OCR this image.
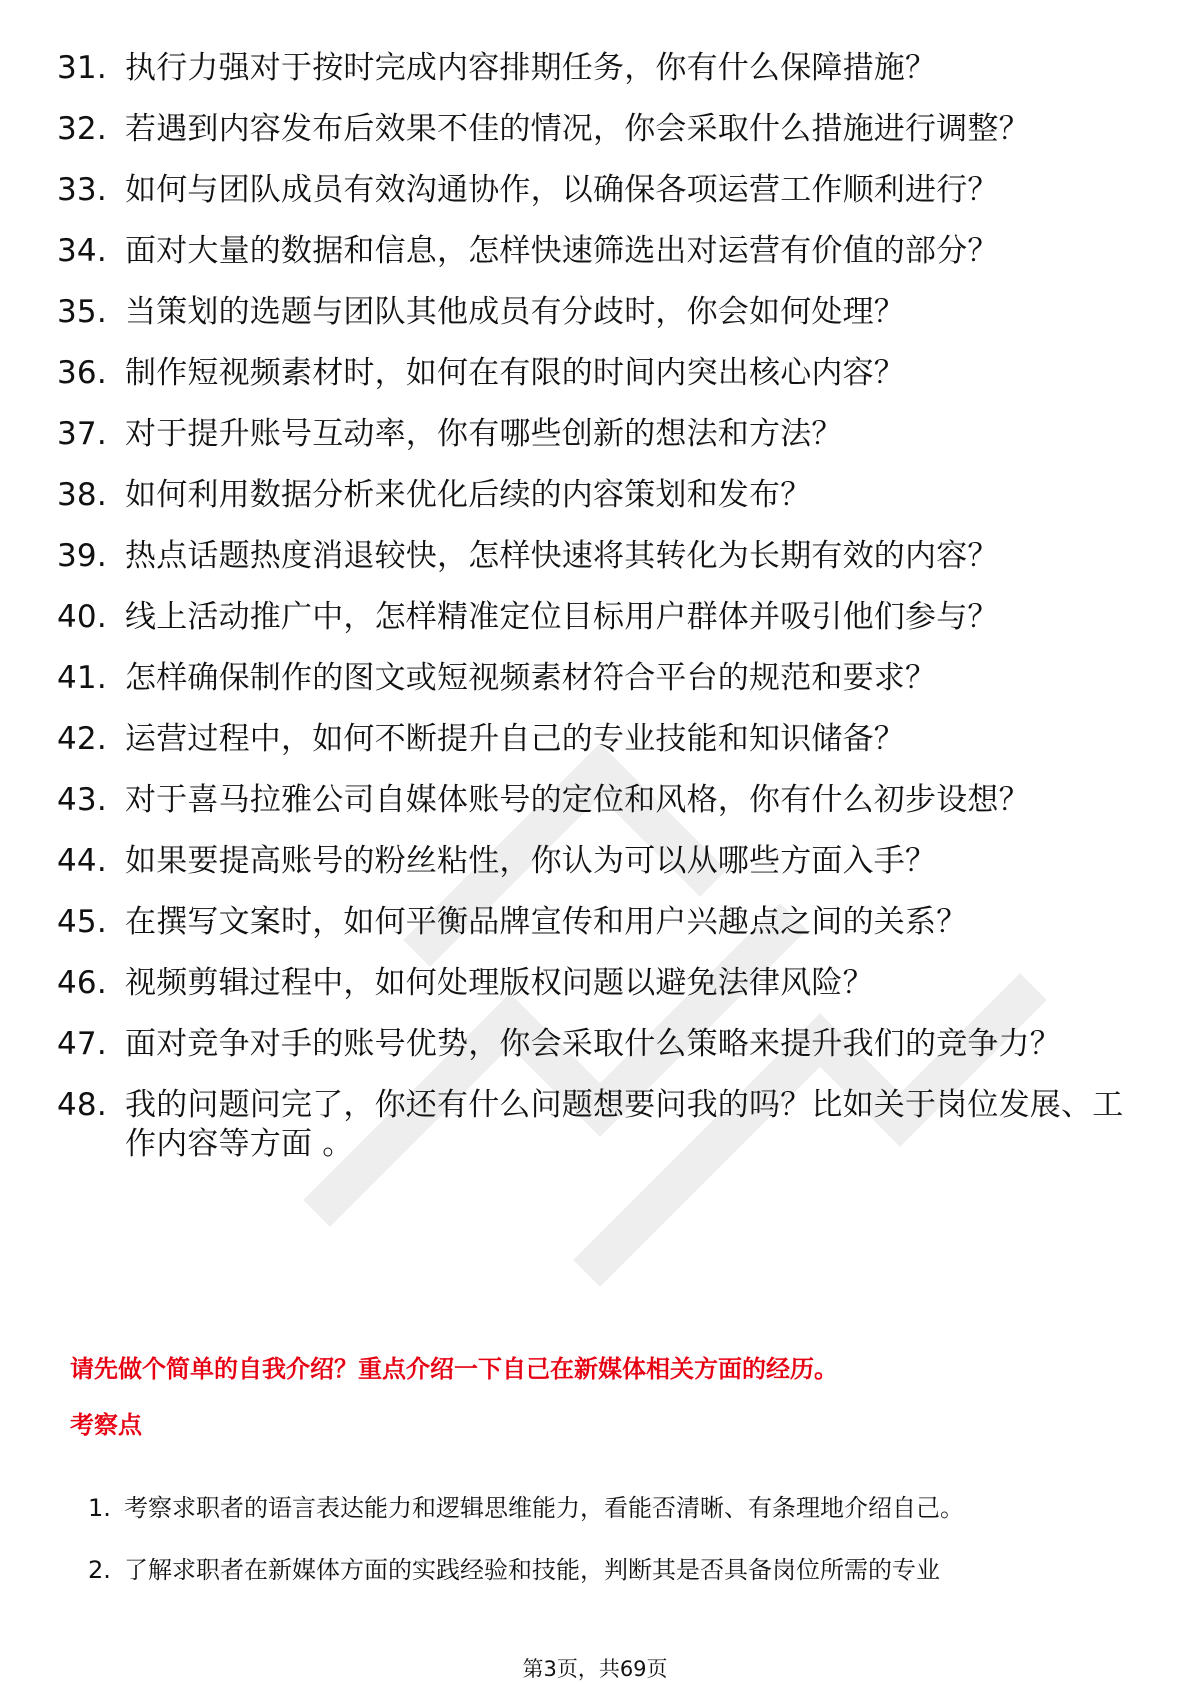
31. 执行力强对于按时完成内容排期任务，你有什么保障措施？
32. 若遇到内容发布后效果不佳的情况，你会采取什么措施进行调整？
33. 如何与团队成员有效沟通协作，以确保各项运营工作顺利进行？
34. 面对大量的数据和信息，怎样快速筛选出对运营有价值的部分？
35. 当策划的选题与团队其他成员有分歧时，你会如何处理？
36. 制作短视频素材时，如何在有限的时间内突出核心内容？
37. 对于提升账号互动率，你有哪些创新的想法和方法？
38. 如何利用数据分析来优化后续的内容策划和发布？
39. 热点话题热度消退较快，怎样快速将其转化为长期有效的内容？
40. 线上活动推广中，怎样精准定位目标用户群体并吸引他们参与？
41. 怎样确保制作的图文或短视频素材符合平台的规范和要求？
42. 运营过程中，如何不断提升自己的专业技能和知识储备？
43. 对于喜马拉雅公司自媒体账号的定位和风格，你有什么初步设想？
44. 如果要提高账号的粉丝粘性，你认为可以从哪些方面入手？
45. 在撰写文案时，如何平衡品牌宣传和用户兴趣点之间的关系？
46. 视频剪辑过程中，如何处理版权问题以避免法律风险？
47. 面对竞争对手的账号优势，你会采取什么策略来提升我们的竞争力？
48. 我的问题问完了，你还有什么问题想要问我的吗？比如关于岗位发展、工作内容等方面 。
请先做个简单的自我介绍？重点介绍一下自己在新媒体相关方面的经历。
考察点
1. 考察求职者的语言表达能力和逻辑思维能力，看能否清晰、有条理地介绍自己。
2. 了解求职者在新媒体方面的实践经验和技能，判断其是否具备岗位所需的专业
第3页，共69页
